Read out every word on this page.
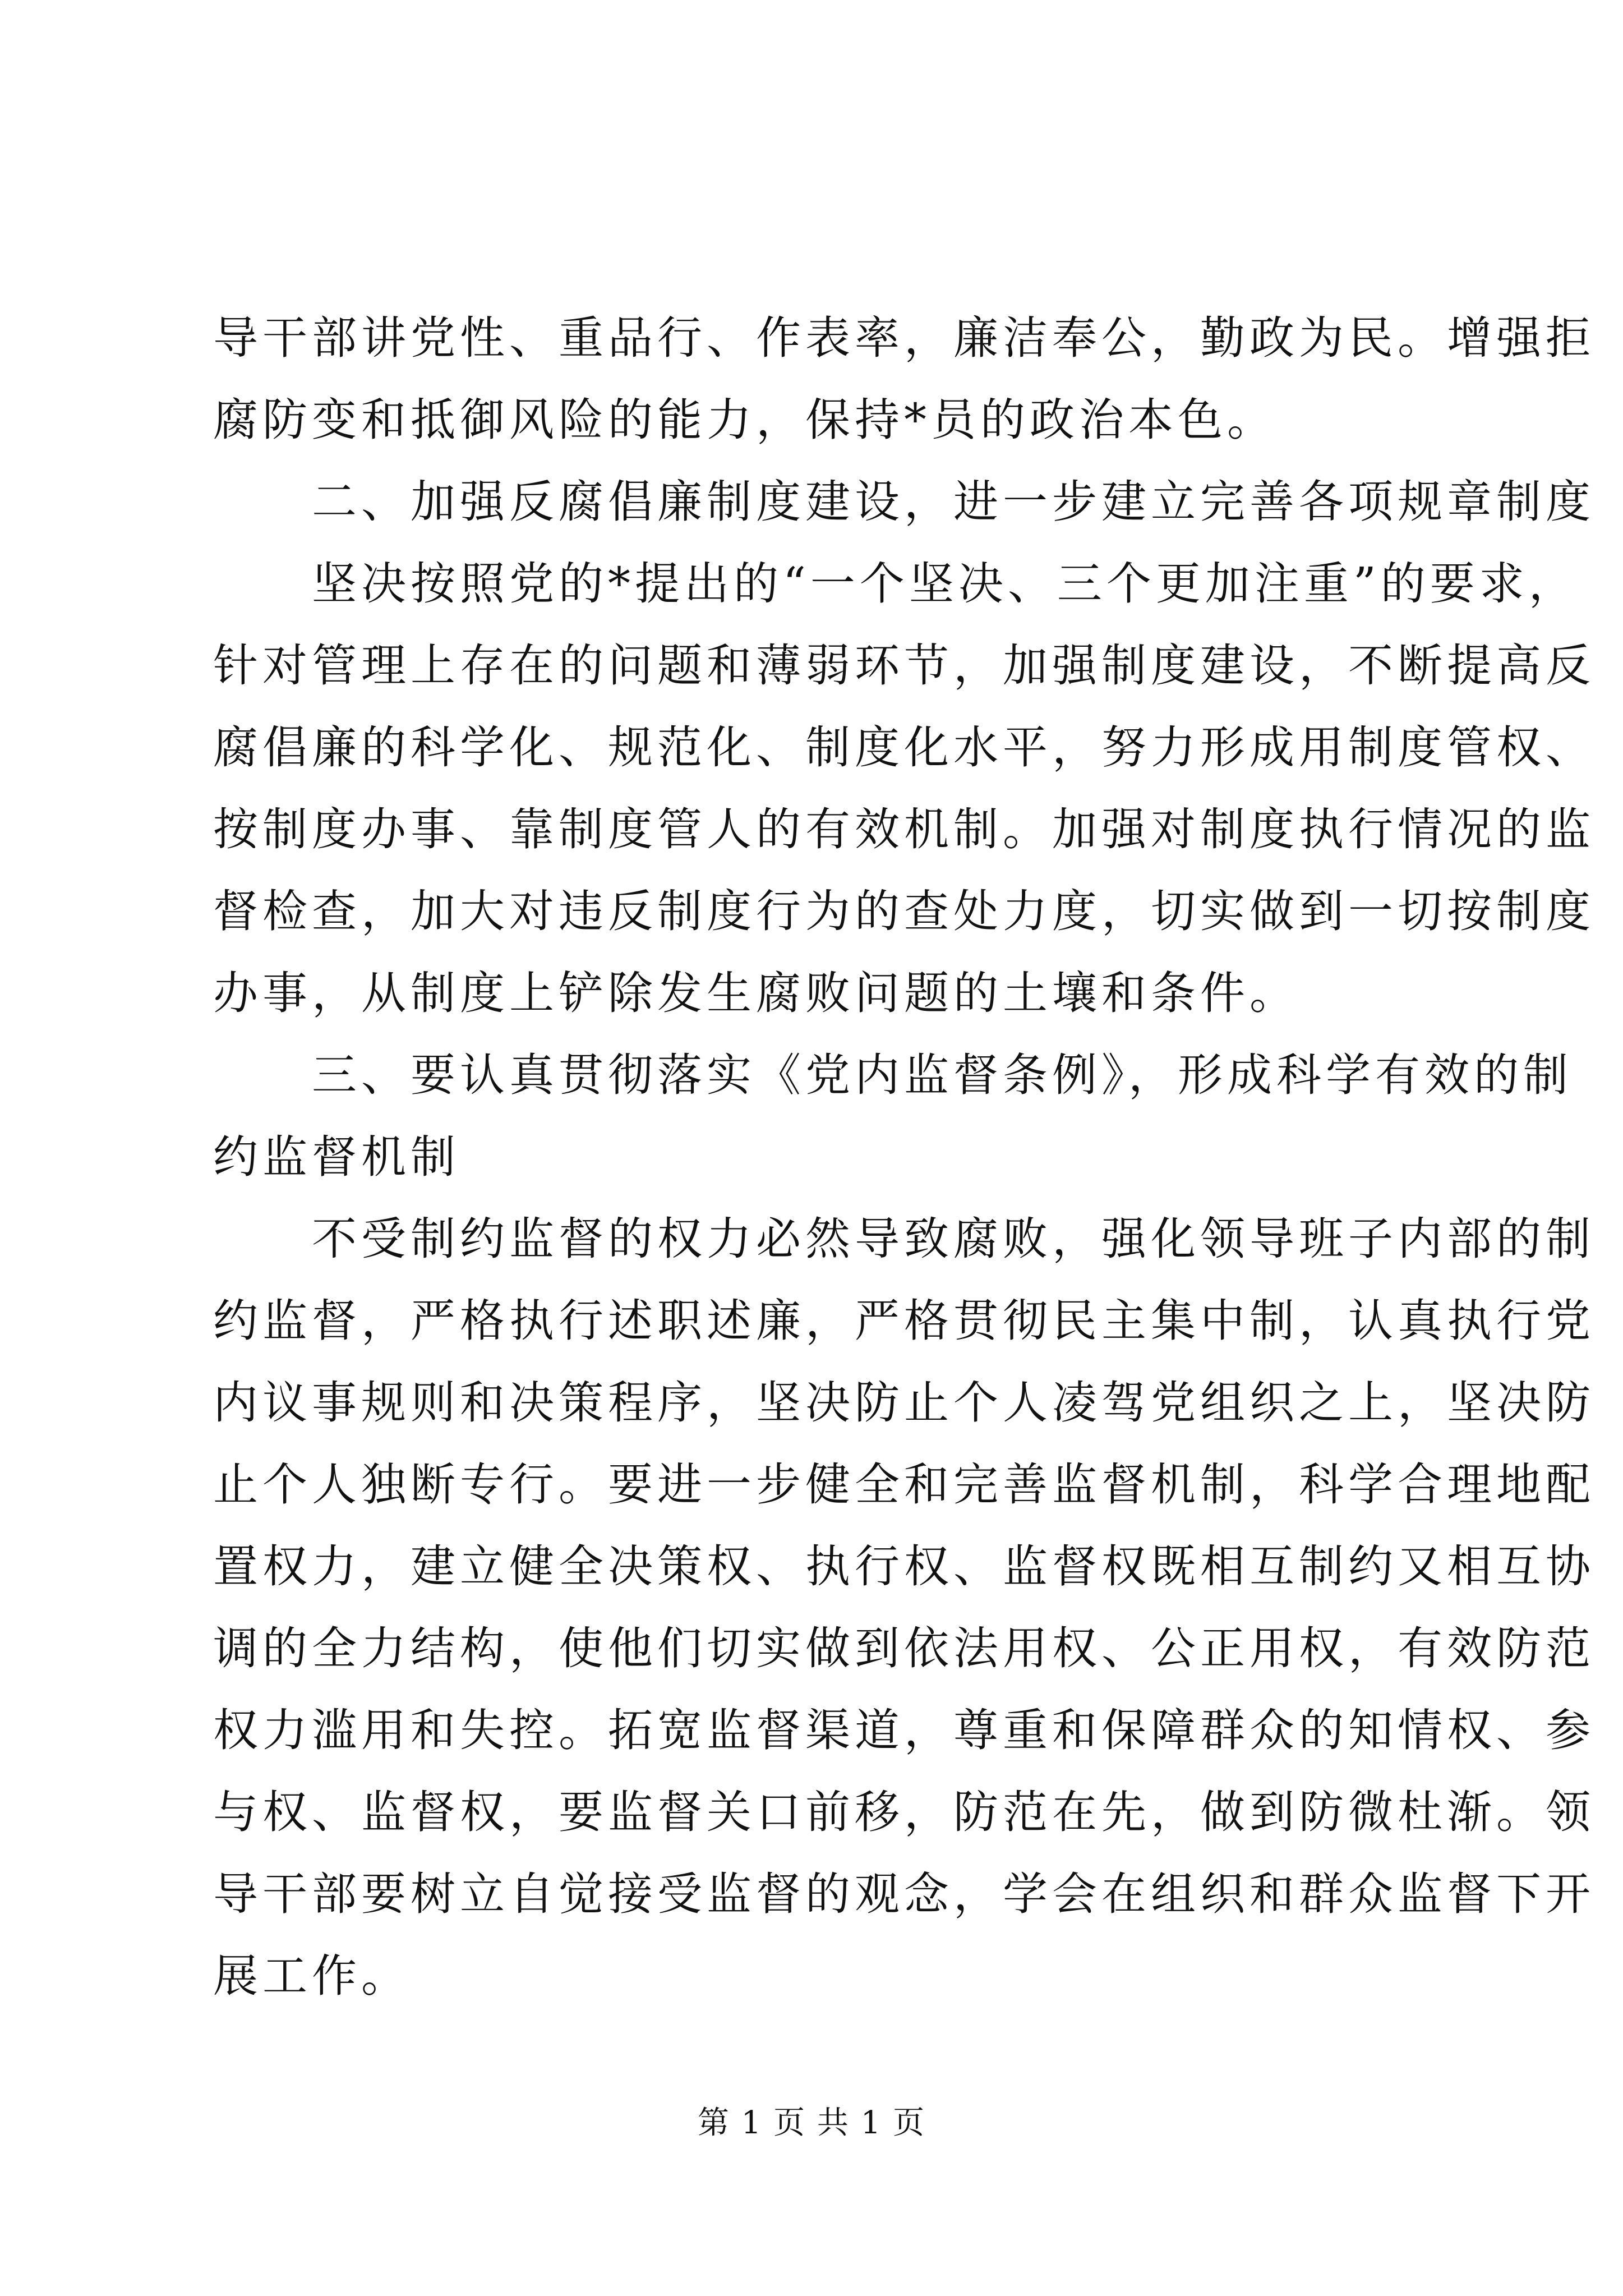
导干部讲党性、重品行、作表率，廉洁奉公，勤政为民。增强拒
腐防变和抵御风险的能力，保持*员的政治本色。
　　二、加强反腐倡廉制度建设，进一步建立完善各项规章制度
　　坚决按照党的*提出的“一个坚决、三个更加注重”的要求，
针对管理上存在的问题和薄弱环节，加强制度建设，不断提高反
腐倡廉的科学化、规范化、制度化水平，努力形成用制度管权、
按制度办事、靠制度管人的有效机制。加强对制度执行情况的监
督检查，加大对违反制度行为的查处力度，切实做到一切按制度
办事，从制度上铲除发生腐败问题的土壤和条件。
　　三、要认真贯彻落实《党内监督条例》，形成科学有效的制
约监督机制
　　不受制约监督的权力必然导致腐败，强化领导班子内部的制
约监督，严格执行述职述廉，严格贯彻民主集中制，认真执行党
内议事规则和决策程序，坚决防止个人凌驾党组织之上，坚决防
止个人独断专行。要进一步健全和完善监督机制，科学合理地配
置权力，建立健全决策权、执行权、监督权既相互制约又相互协
调的全力结构，使他们切实做到依法用权、公正用权，有效防范
权力滥用和失控。拓宽监督渠道，尊重和保障群众的知情权、参
与权、监督权，要监督关口前移，防范在先，做到防微杜渐。领
导干部要树立自觉接受监督的观念，学会在组织和群众监督下开
展工作。
第 1 页 共 1 页
